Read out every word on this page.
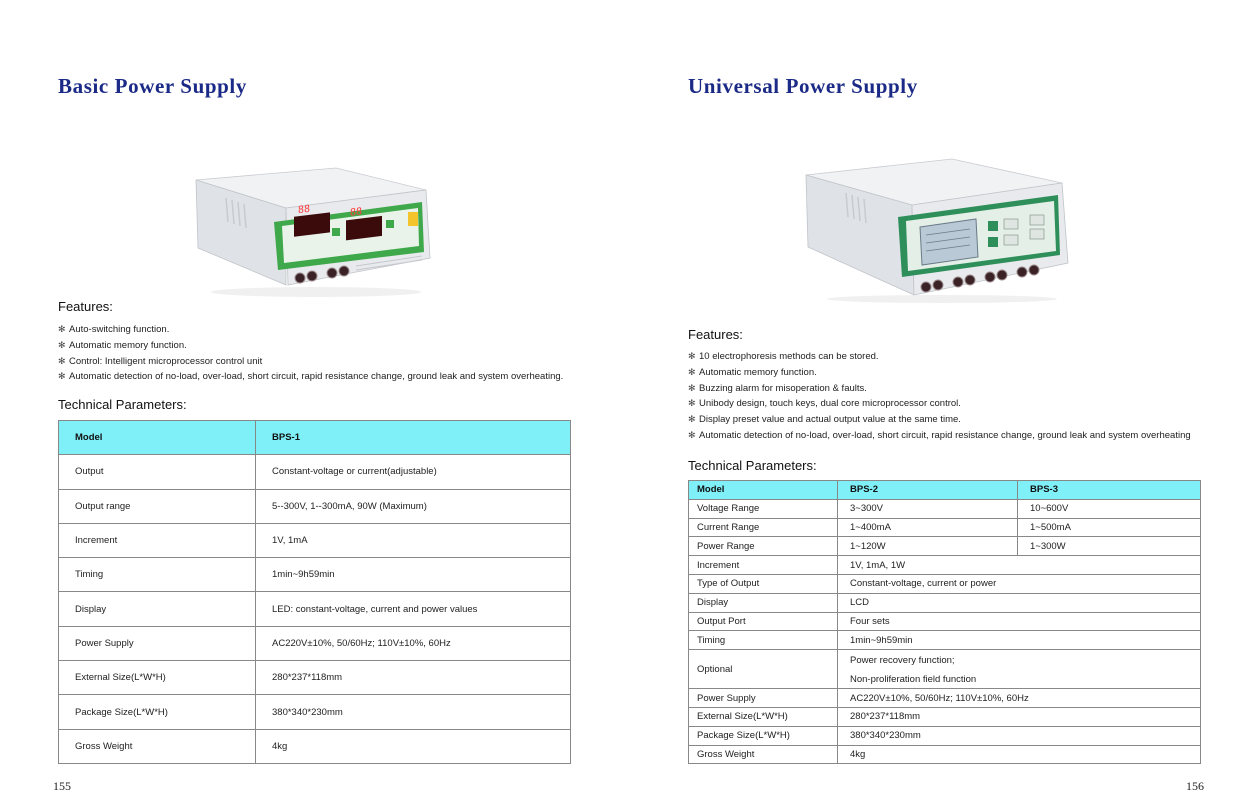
Basic Power Supply
88	88
Features:
✻ Auto-switching function.
✻ Automatic memory function.
✻ Control: Intelligent microprocessor control unit
✻ Automatic detection of no-load, over-load, short circuit, rapid resistance change, ground leak and system overheating.
Technical Parameters:
Model	BPS-1
Output	Constant-voltage or current(adjustable)
Output range	5--300V, 1--300mA, 90W (Maximum)
Increment	1V, 1mA
Timing	1min~9h59min
Display	LED: constant-voltage, current and power values
Power Supply	AC220V±10%, 50/60Hz; 110V±10%, 60Hz
External Size(L*W*H)	280*237*118mm
Package Size(L*W*H)	380*340*230mm
Gross Weight	4kg
155
Universal Power Supply
Features:
✻ 10 electrophoresis methods can be stored.
✻ Automatic memory function.
✻ Buzzing alarm for misoperation & faults.
✻ Unibody design, touch keys, dual core microprocessor control.
✻ Display preset value and actual output value at the same time.
✻ Automatic detection of no-load, over-load, short circuit, rapid resistance change, ground leak and system overheating
Technical Parameters:
Model	BPS-2	BPS-3
Voltage Range	3~300V	10~600V
Current Range	1~400mA	1~500mA
Power Range	1~120W	1~300W
Increment	1V, 1mA, 1W	
Type of Output	Constant-voltage, current or power	
Display	LCD	
Output Port	Four sets	
Timing	1min~9h59min	
Optional	Power recovery function;
Non-proliferation field function	

Power Supply	AC220V±10%, 50/60Hz; 110V±10%, 60Hz	
External Size(L*W*H)	280*237*118mm	
Package Size(L*W*H)	380*340*230mm	
Gross Weight	4kg	
156
